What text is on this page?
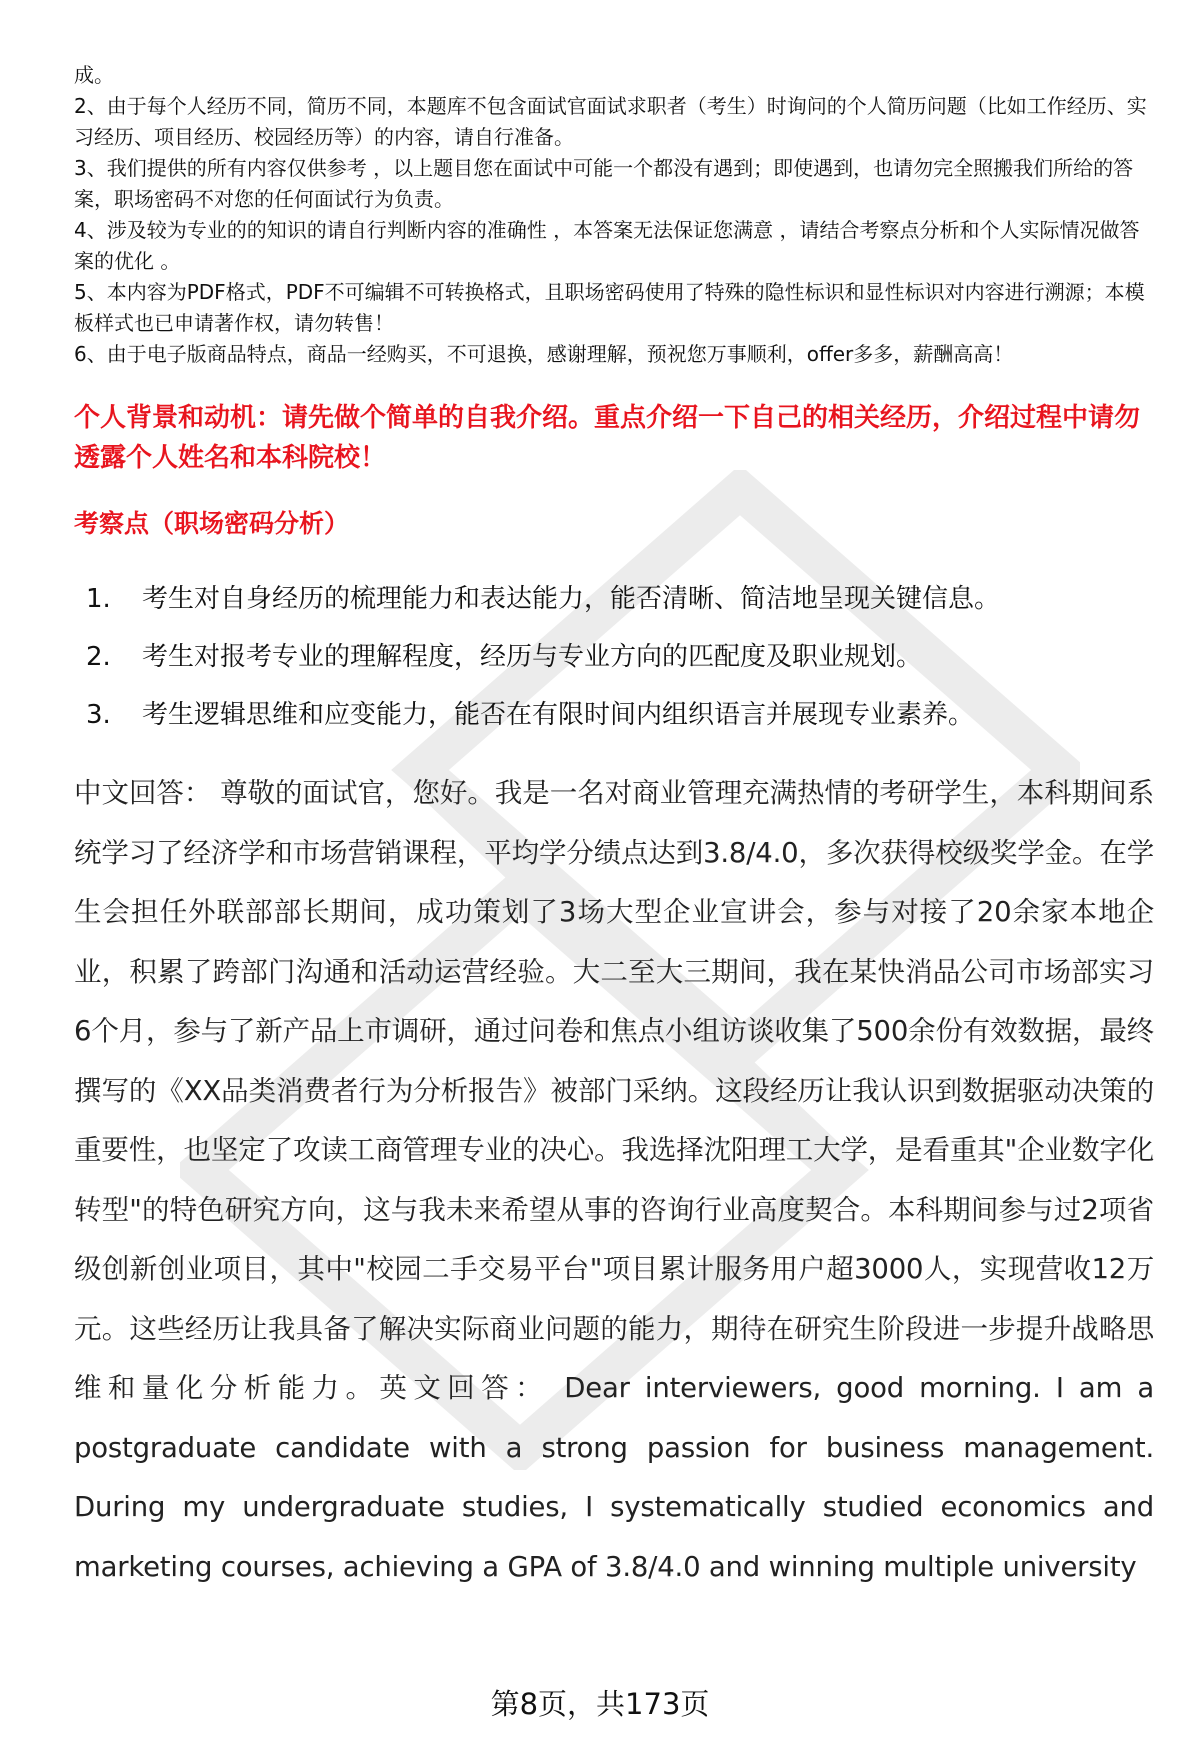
成。

2、由于每个人经历不同，简历不同，本题库不包含面试官面试求职者（考生）时询问的个人简历问题（比如工作经历、实习经历、项目经历、校园经历等）的内容，请自行准备。

3、我们提供的所有内容仅供参考 ，以上题目您在面试中可能一个都没有遇到；即使遇到，也请勿完全照搬我们所给的答案，职场密码不对您的任何面试行为负责。

4、涉及较为专业的的知识的请自行判断内容的准确性 ，本答案无法保证您满意 ，请结合考察点分析和个人实际情况做答案的优化 。

5、本内容为PDF格式，PDF不可编辑不可转换格式，且职场密码使用了特殊的隐性标识和显性标识对内容进行溯源；本模板样式也已申请著作权，请勿转售！

6、由于电子版商品特点，商品一经购买，不可退换，感谢理解，预祝您万事顺利，offer多多，薪酬高高！

个人背景和动机：请先做个简单的自我介绍。重点介绍一下自己的相关经历，介绍过程中请勿透露个人姓名和本科院校！

考察点（职场密码分析）

1.	考生对自身经历的梳理能力和表达能力，能否清晰、简洁地呈现关键信息。
2.	考生对报考专业的理解程度，经历与专业方向的匹配度及职业规划。
3.	考生逻辑思维和应变能力，能否在有限时间内组织语言并展现专业素养。

中文回答： 尊敬的面试官，您好。我是一名对商业管理充满热情的考研学生，本科期间系统学习了经济学和市场营销课程，平均学分绩点达到3.8/4.0，多次获得校级奖学金。在学生会担任外联部部长期间，成功策划了3场大型企业宣讲会，参与对接了20余家本地企业，积累了跨部门沟通和活动运营经验。大二至大三期间，我在某快消品公司市场部实习6个月，参与了新产品上市调研，通过问卷和焦点小组访谈收集了500余份有效数据，最终撰写的《XX品类消费者行为分析报告》被部门采纳。这段经历让我认识到数据驱动决策的重要性，也坚定了攻读工商管理专业的决心。我选择沈阳理工大学，是看重其"企业数字化转型"的特色研究方向，这与我未来希望从事的咨询行业高度契合。本科期间参与过2项省级创新创业项目，其中"校园二手交易平台"项目累计服务用户超3000人，实现营收12万元。这些经历让我具备了解决实际商业问题的能力，期待在研究生阶段进一步提升战略思维和量化分析能力。英文回答： Dear interviewers, good morning. I am a postgraduate candidate with a strong passion for business management. During my undergraduate studies, I systematically studied economics and marketing courses, achieving a GPA of 3.8/4.0 and winning multiple university

第8页，共173页
